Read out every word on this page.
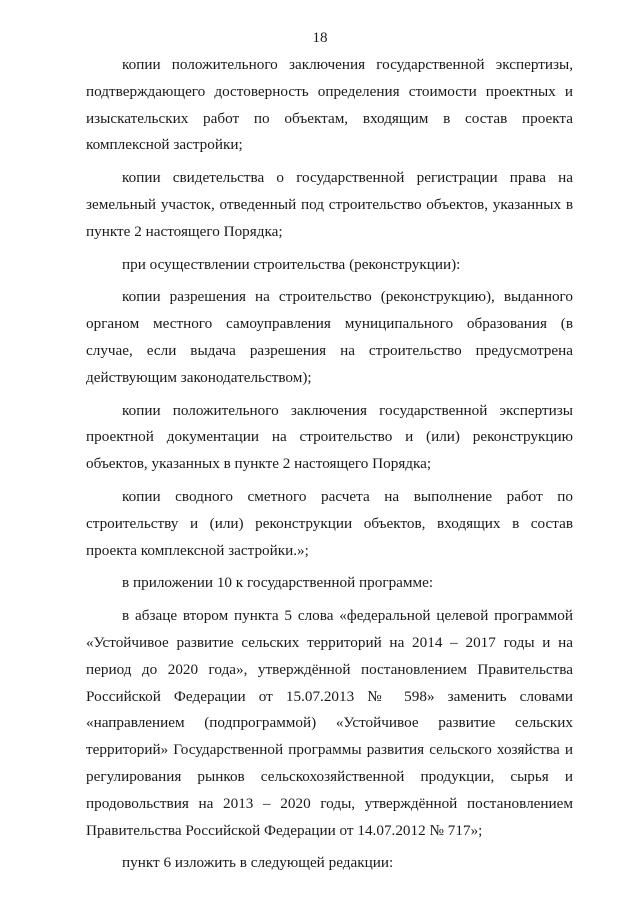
18

копии положительного заключения государственной экспертизы, подтверждающего достоверность определения стоимости проектных и изыскательских работ по объектам, входящим в состав проекта комплексной застройки;

копии свидетельства о государственной регистрации права на земельный участок, отведенный под строительство объектов, указанных в пункте 2 настоящего Порядка;

при осуществлении строительства (реконструкции):

копии разрешения на строительство (реконструкцию), выданного органом местного самоуправления муниципального образования (в случае, если выдача разрешения на строительство предусмотрена действующим законодательством);

копии положительного заключения государственной экспертизы проектной документации на строительство и (или) реконструкцию объектов, указанных в пункте 2 настоящего Порядка;

копии сводного сметного расчета на выполнение работ по строительству и (или) реконструкции объектов, входящих в состав проекта комплексной застройки.»;

в приложении 10 к государственной программе:

в абзаце втором пункта 5 слова «федеральной целевой программой «Устойчивое развитие сельских территорий на 2014 – 2017 годы и на период до 2020 года», утверждённой постановлением Правительства Российской Федерации от 15.07.2013 № 598» заменить словами «направлением (подпрограммой) «Устойчивое развитие сельских территорий» Государственной программы развития сельского хозяйства и регулирования рынков сельскохозяйственной продукции, сырья и продовольствия на 2013 – 2020 годы, утверждённой постановлением Правительства Российской Федерации от 14.07.2012 № 717»;

пункт 6 изложить в следующей редакции:
